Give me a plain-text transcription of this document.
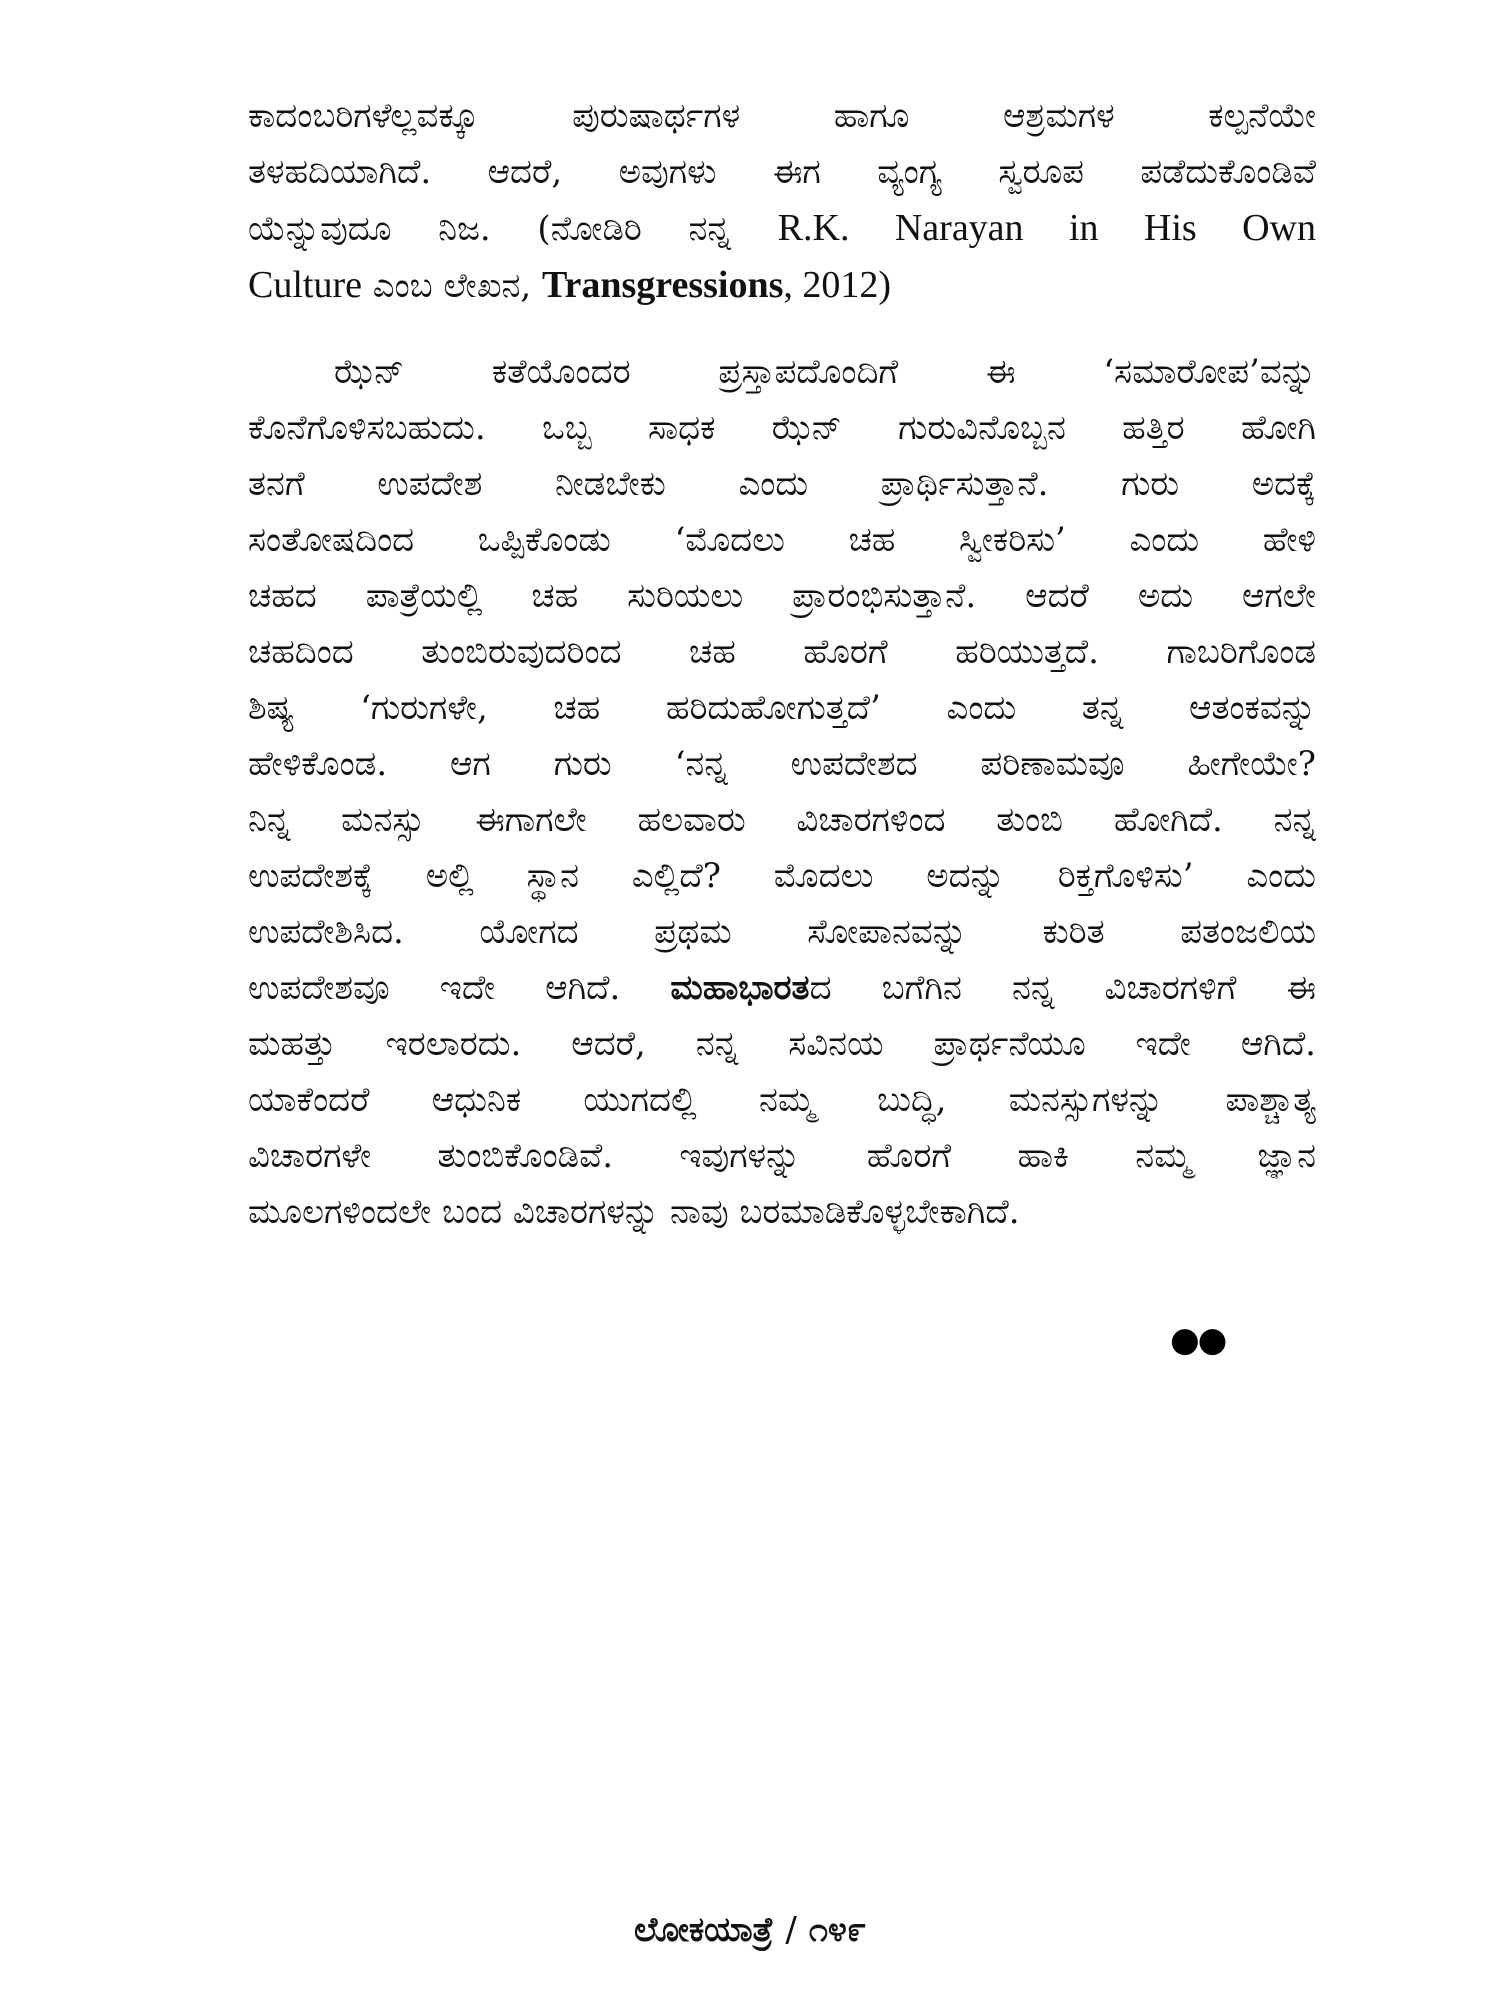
ಕಾದಂಬರಿಗಳೆಲ್ಲವಕ್ಕೂ ಪುರುಷಾರ್ಥಗಳ ಹಾಗೂ ಆಶ್ರಮಗಳ ಕಲ್ಪನೆಯೇ

ತಳಹದಿಯಾಗಿದೆ. ಆದರೆ, ಅವುಗಳು ಈಗ ವ್ಯಂಗ್ಯ ಸ್ವರೂಪ ಪಡೆದುಕೊಂಡಿವೆ

ಯೆನ್ನುವುದೂ ನಿಜ. (ನೋಡಿರಿ ನನ್ನ R.K. Narayan in His Own

Culture ಎಂಬ ಲೇಖನ, Transgressions, 2012)

ಝೆನ್ ಕತೆಯೊಂದರ ಪ್ರಸ್ತಾಪದೊಂದಿಗೆ ಈ ‘ಸಮಾರೋಪ’ವನ್ನು

ಕೊನೆಗೊಳಿಸಬಹುದು. ಒಬ್ಬ ಸಾಧಕ ಝೆನ್ ಗುರುವಿನೊಬ್ಬನ ಹತ್ತಿರ ಹೋಗಿ

ತನಗೆ ಉಪದೇಶ ನೀಡಬೇಕು ಎಂದು ಪ್ರಾರ್ಥಿಸುತ್ತಾನೆ. ಗುರು ಅದಕ್ಕೆ

ಸಂತೋಷದಿಂದ ಒಪ್ಪಿಕೊಂಡು ‘ಮೊದಲು ಚಹ ಸ್ವೀಕರಿಸು’ ಎಂದು ಹೇಳಿ

ಚಹದ ಪಾತ್ರೆಯಲ್ಲಿ ಚಹ ಸುರಿಯಲು ಪ್ರಾರಂಭಿಸುತ್ತಾನೆ. ಆದರೆ ಅದು ಆಗಲೇ

ಚಹದಿಂದ ತುಂಬಿರುವುದರಿಂದ ಚಹ ಹೊರಗೆ ಹರಿಯುತ್ತದೆ. ಗಾಬರಿಗೊಂಡ

ಶಿಷ್ಯ ‘ಗುರುಗಳೇ, ಚಹ ಹರಿದುಹೋಗುತ್ತದೆ’ ಎಂದು ತನ್ನ ಆತಂಕವನ್ನು

ಹೇಳಿಕೊಂಡ. ಆಗ ಗುರು ‘ನನ್ನ ಉಪದೇಶದ ಪರಿಣಾಮವೂ ಹೀಗೇಯೇ?

ನಿನ್ನ ಮನಸ್ಸು ಈಗಾಗಲೇ ಹಲವಾರು ವಿಚಾರಗಳಿಂದ ತುಂಬಿ ಹೋಗಿದೆ. ನನ್ನ

ಉಪದೇಶಕ್ಕೆ ಅಲ್ಲಿ ಸ್ಥಾನ ಎಲ್ಲಿದೆ? ಮೊದಲು ಅದನ್ನು ರಿಕ್ತಗೊಳಿಸು’ ಎಂದು

ಉಪದೇಶಿಸಿದ. ಯೋಗದ ಪ್ರಥಮ ಸೋಪಾನವನ್ನು ಕುರಿತ ಪತಂಜಲಿಯ

ಉಪದೇಶವೂ ಇದೇ ಆಗಿದೆ. ಮಹಾಭಾರತದ ಬಗೆಗಿನ ನನ್ನ ವಿಚಾರಗಳಿಗೆ ಈ

ಮಹತ್ತು ಇರಲಾರದು. ಆದರೆ, ನನ್ನ ಸವಿನಯ ಪ್ರಾರ್ಥನೆಯೂ ಇದೇ ಆಗಿದೆ.

ಯಾಕೆಂದರೆ ಆಧುನಿಕ ಯುಗದಲ್ಲಿ ನಮ್ಮ ಬುದ್ಧಿ, ಮನಸ್ಸುಗಳನ್ನು ಪಾಶ್ಚಾತ್ಯ

ವಿಚಾರಗಳೇ ತುಂಬಿಕೊಂಡಿವೆ. ಇವುಗಳನ್ನು ಹೊರಗೆ ಹಾಕಿ ನಮ್ಮ ಜ್ಞಾನ

ಮೂಲಗಳಿಂದಲೇ ಬಂದ ವಿಚಾರಗಳನ್ನು ನಾವು ಬರಮಾಡಿಕೊಳ್ಳಬೇಕಾಗಿದೆ.

●●
ಲೋಕಯಾತ್ರೆ / ೧೪೯
